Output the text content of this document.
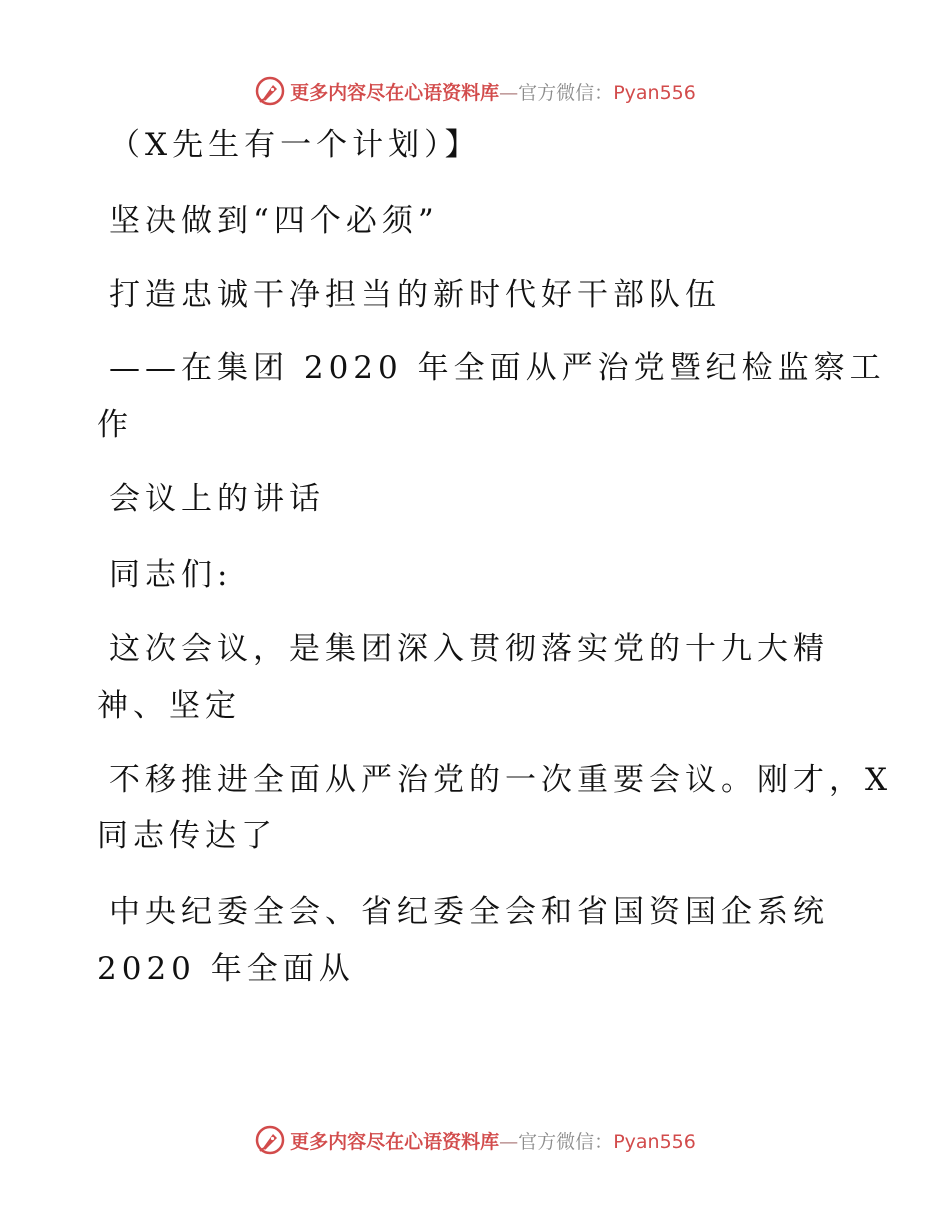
更多内容尽在心语资料库—官方微信：Pyan556
（X先生有一个计划）】
坚决做到“四个必须”
打造忠诚干净担当的新时代好干部队伍
——在集团 2020 年全面从严治党暨纪检监察工
作
会议上的讲话
同志们:
这次会议，是集团深入贯彻落实党的十九大精
神、坚定
不移推进全面从严治党的一次重要会议。刚才，X
同志传达了
中央纪委全会、省纪委全会和省国资国企系统
2020 年全面从
更多内容尽在心语资料库—官方微信：Pyan556
